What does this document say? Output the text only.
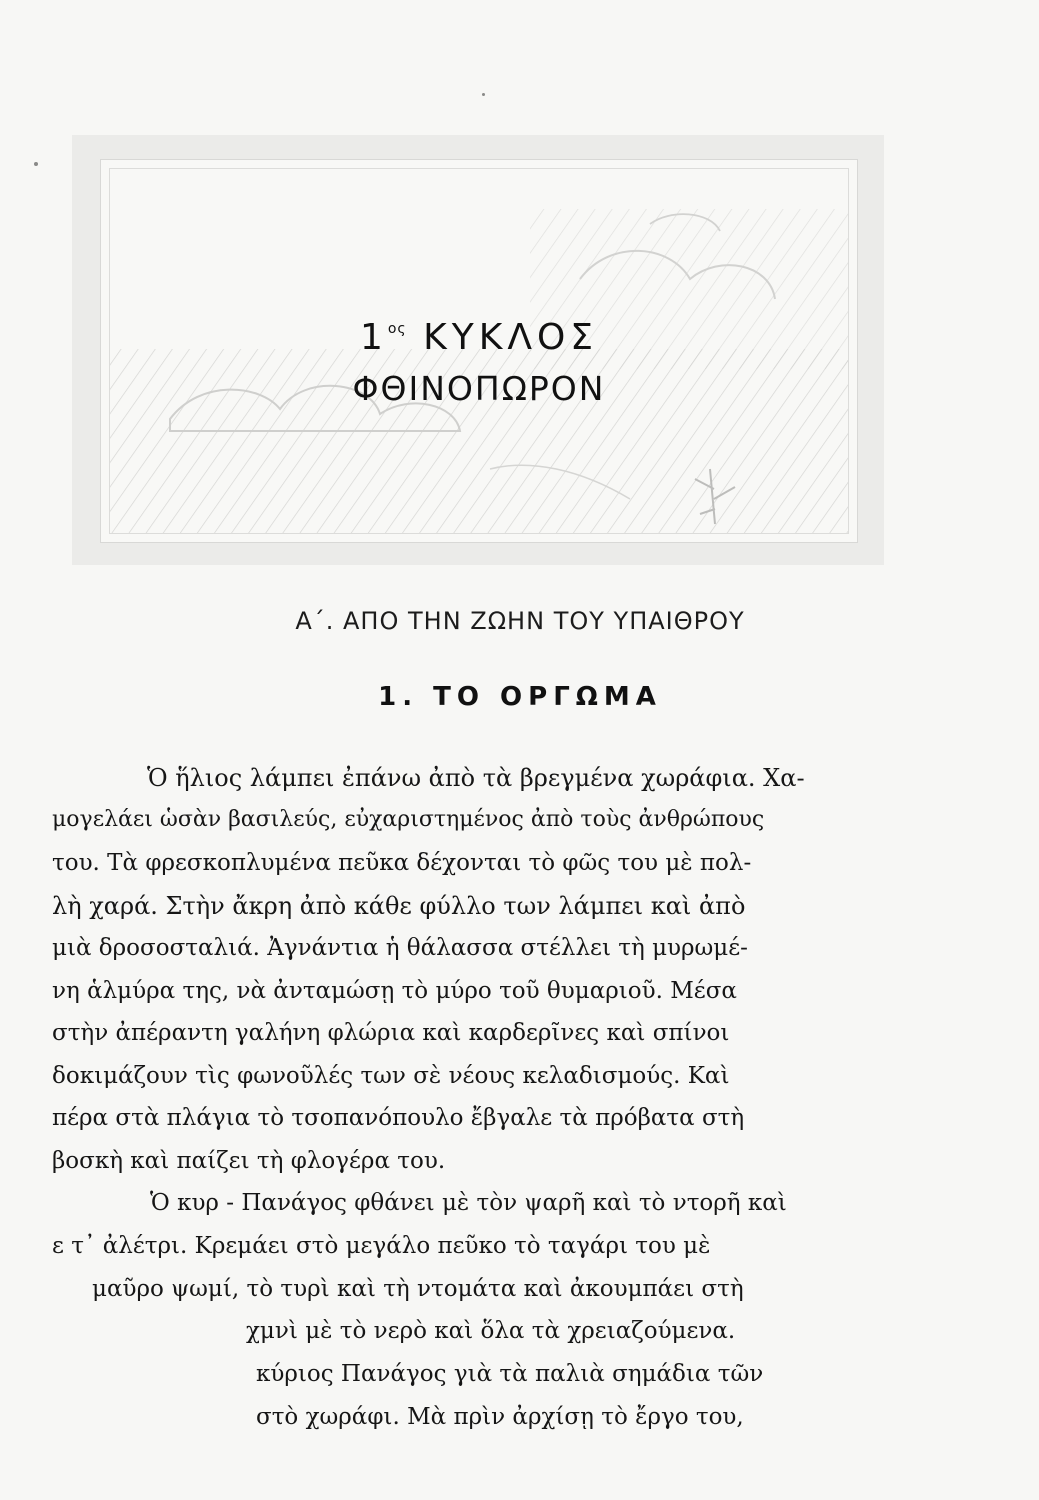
$1^{o\varsigma}$ ΚΥΚΛΟΣ
ΦΘΙΝΟΠΩΡΟΝ
Α΄. ΑΠΟ ΤΗΝ ΖΩΗΝ ΤΟΥ ΥΠΑΙΘΡΟΥ
1. ΤΟ ΟΡΓΩΜΑ
Ὁ ἥλιος λάμπει ἐπάνω ἀπὸ τὰ βρεγμένα χωράφια. Χα-
μογελάει ὡσὰν βασιλεύς, εὐχαριστημένος ἀπὸ τοὺς ἀνθρώπους
του. Τὰ φρεσκοπλυμένα πεῦκα δέχονται τὸ φῶς του μὲ πολ-
λὴ χαρά. Στὴν ἄκρη ἀπὸ κάθε φύλλο των λάμπει καὶ ἀπὸ
μιὰ δροσοσταλιά. Ἀγνάντια ἡ θάλασσα στέλλει τὴ μυρωμέ-
νη ἁλμύρα της, νὰ ἀνταμώσῃ τὸ μύρο τοῦ θυμαριοῦ. Μέσα
στὴν ἀπέραντη γαλήνη φλώρια καὶ καρδερῖνες καὶ σπίνοι
δοκιμάζουν τὶς φωνοῦλές των σὲ νέους κελαδισμούς. Καὶ
πέρα στὰ πλάγια τὸ τσοπανόπουλο ἔβγαλε τὰ πρόβατα στὴ
βοσκὴ καὶ παίζει τὴ φλογέρα του.
Ὁ κυρ - Πανάγος φθάνει μὲ τὸν ψαρῆ καὶ τὸ ντορῆ καὶ
ε τ᾽ ἀλέτρι. Κρεμάει στὸ μεγάλο πεῦκο τὸ ταγάρι του μὲ
μαῦρο ψωμί, τὸ τυρὶ καὶ τὴ ντομάτα καὶ ἀκουμπάει στὴ
χμνὶ μὲ τὸ νερὸ καὶ ὅλα τὰ χρειαζούμενα.
κύριος Πανάγος γιὰ τὰ παλιὰ σημάδια τῶν
στὸ χωράφι. Μὰ πρὶν ἀρχίσῃ τὸ ἔργο του,
